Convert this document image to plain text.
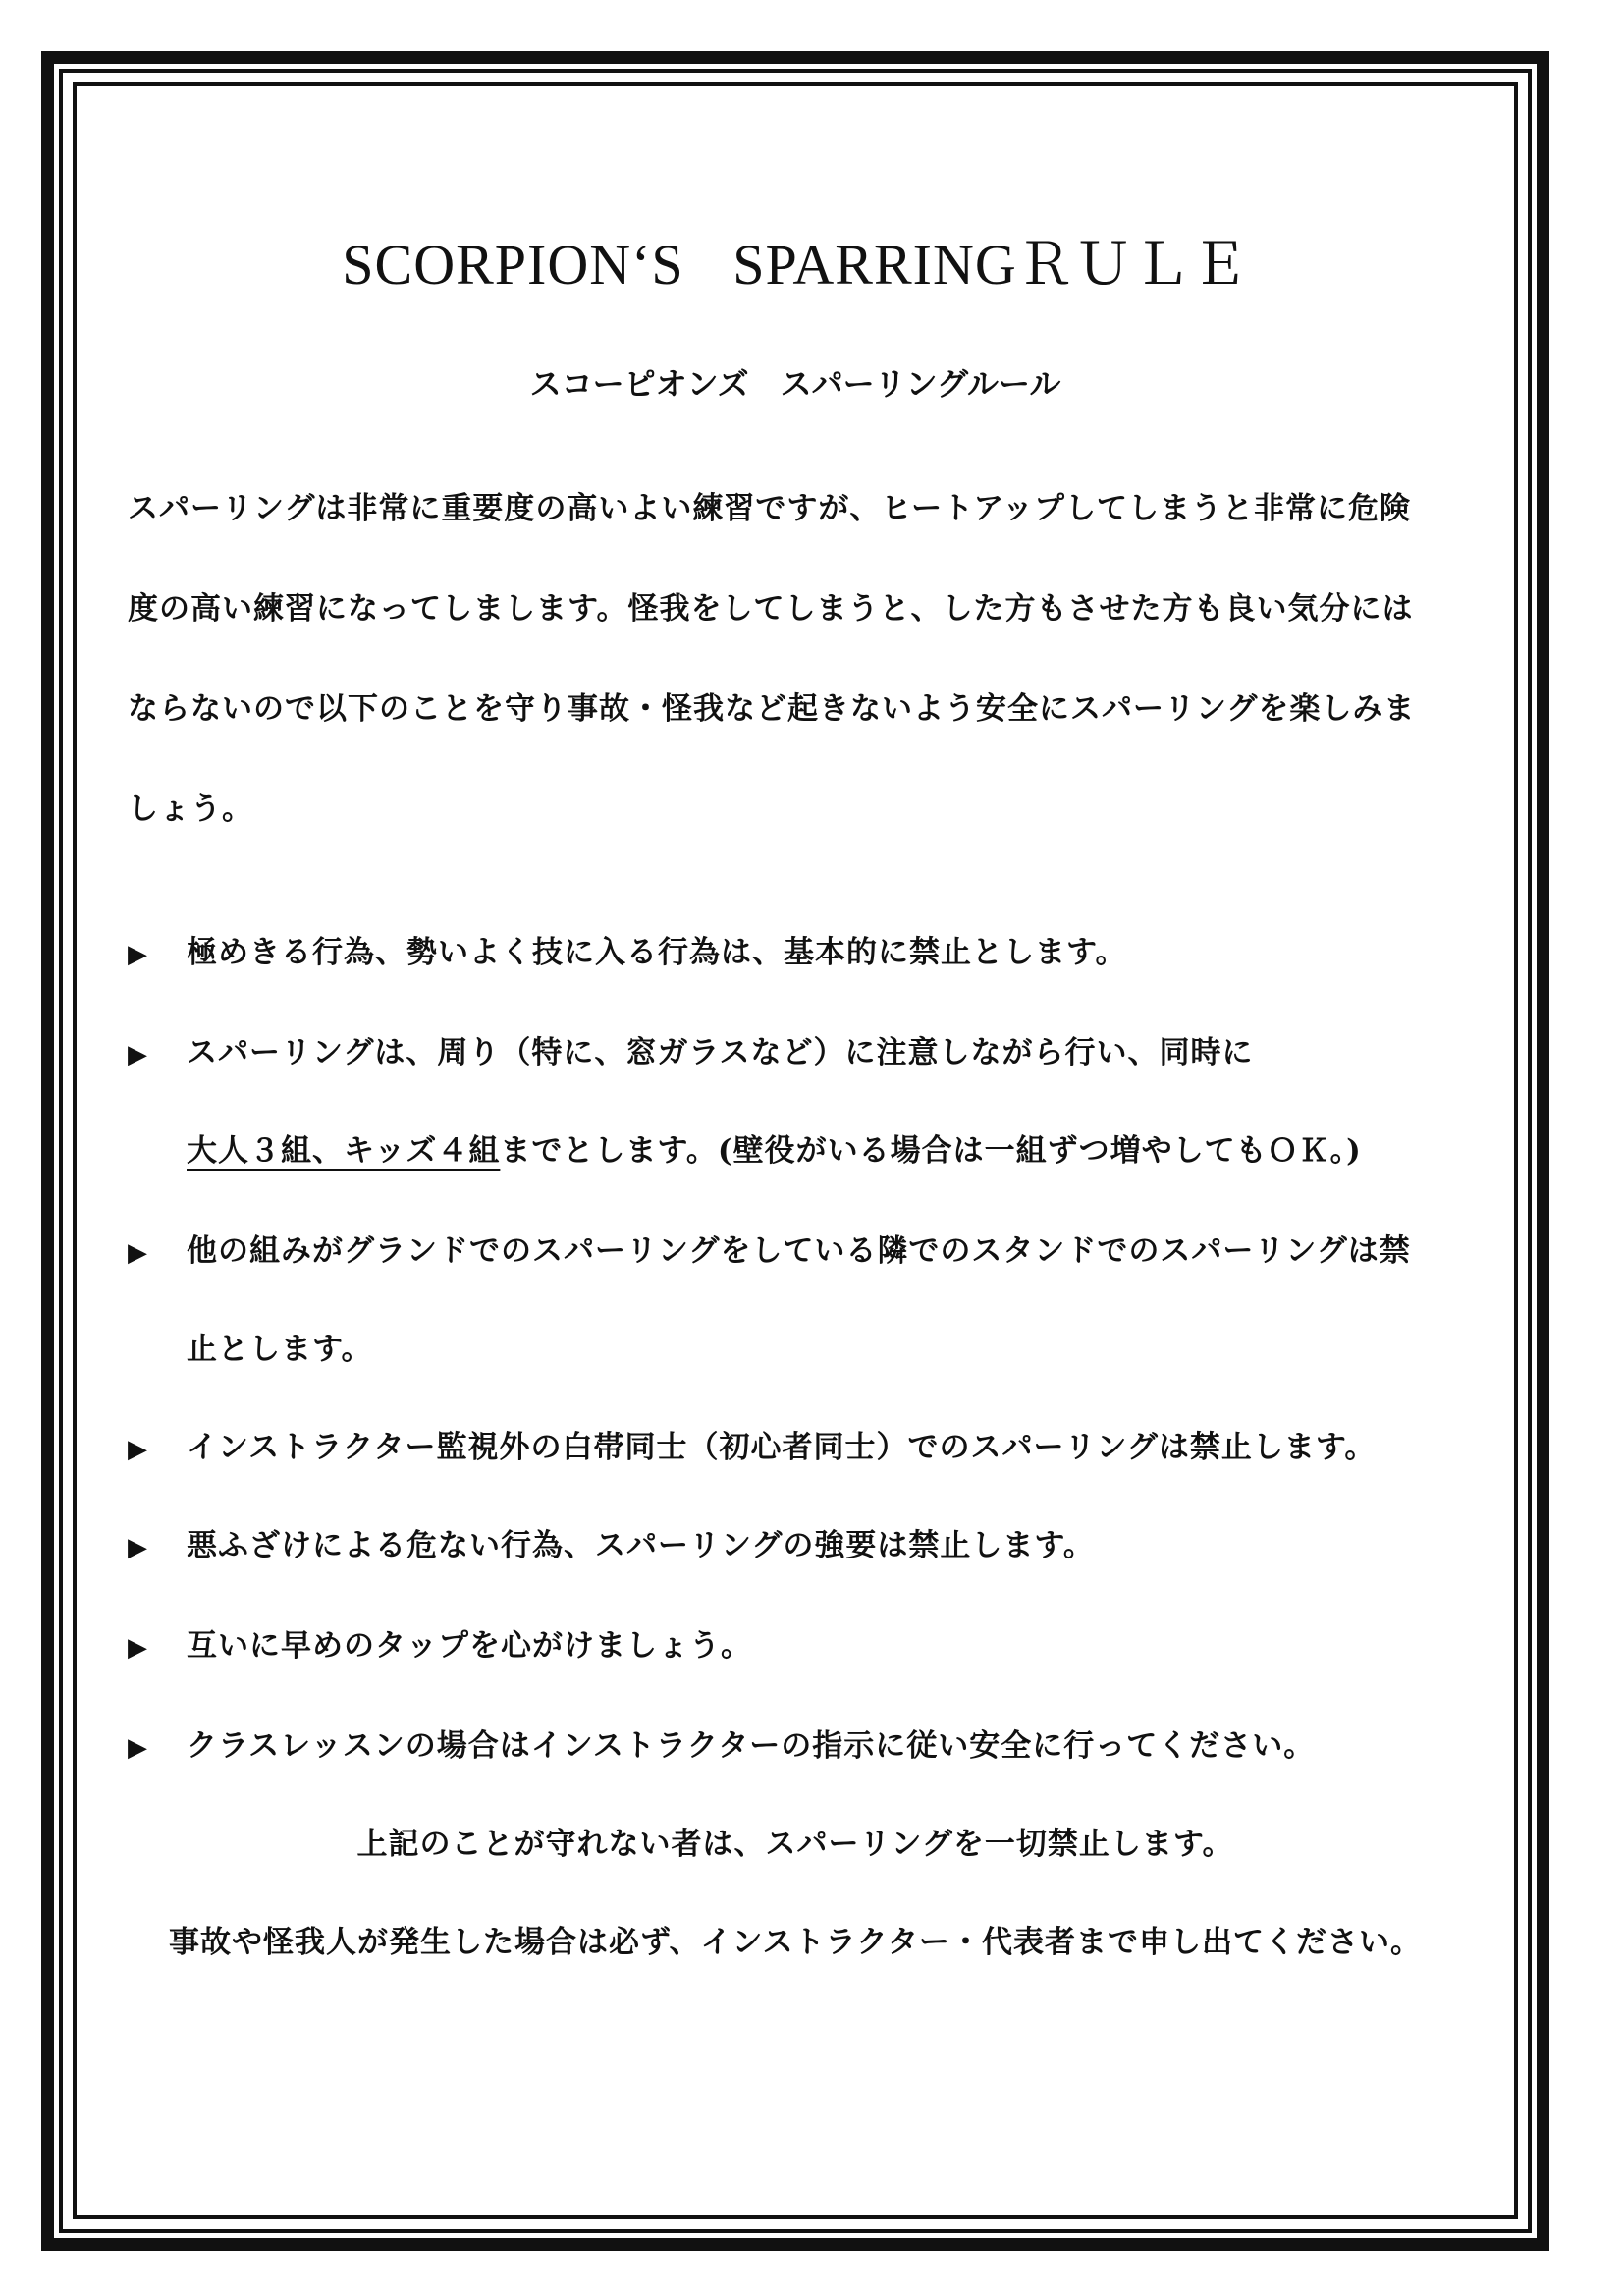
SCORPION‘S SPARRINGＲＵＬＥ
スコーピオンズ　スパーリングルール
スパーリングは非常に重要度の高いよい練習ですが、ヒートアップしてしまうと非常に危険
度の高い練習になってしまします。怪我をしてしまうと、した方もさせた方も良い気分には
ならないので以下のことを守り事故・怪我など起きないよう安全にスパーリングを楽しみま
しょう。
▶ 極めきる行為、勢いよく技に入る行為は、基本的に禁止とします。
▶ スパーリングは、周り（特に、窓ガラスなど）に注意しながら行い、同時に
大人３組、キッズ４組までとします。(壁役がいる場合は一組ずつ増やしてもＯＫ。)
▶ 他の組みがグランドでのスパーリングをしている隣でのスタンドでのスパーリングは禁
止とします。
▶ インストラクター監視外の白帯同士（初心者同士）でのスパーリングは禁止します。
▶ 悪ふざけによる危ない行為、スパーリングの強要は禁止します。
▶ 互いに早めのタップを心がけましょう。
▶ クラスレッスンの場合はインストラクターの指示に従い安全に行ってください。
上記のことが守れない者は、スパーリングを一切禁止します。
事故や怪我人が発生した場合は必ず、インストラクター・代表者まで申し出てください。
